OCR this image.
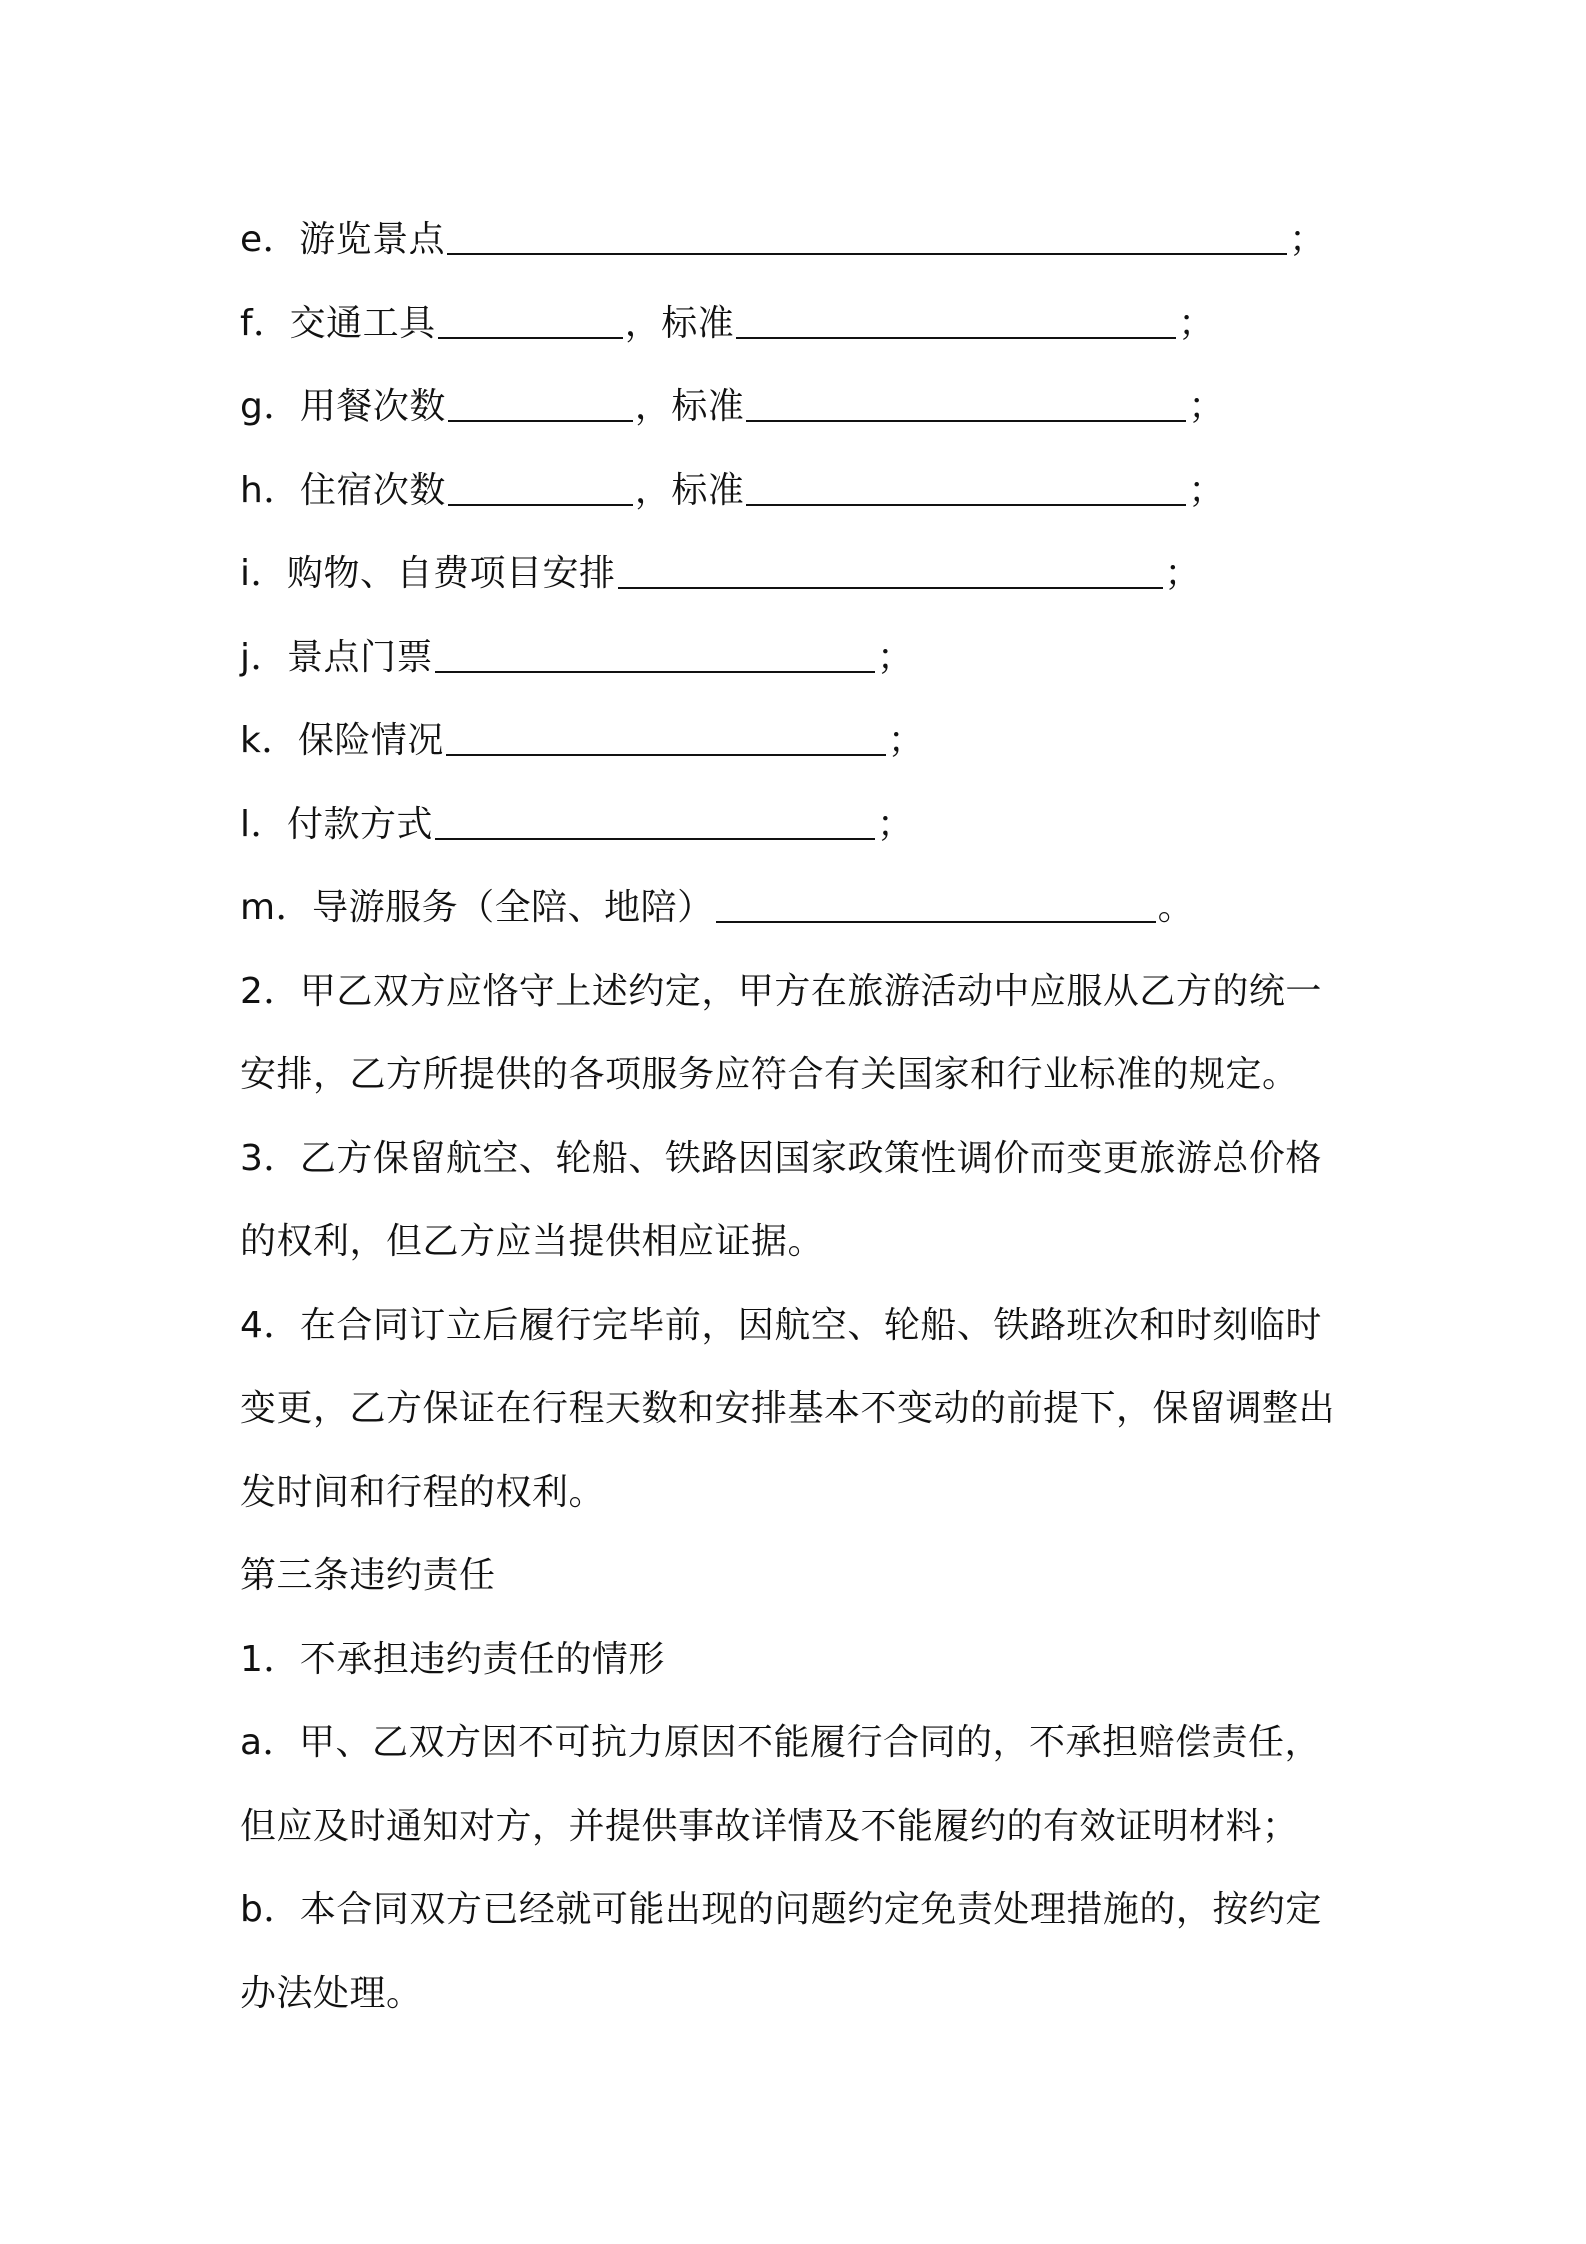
e．游览景点	；
f．交通工具	，标准	；
g．用餐次数	，标准	；
h．住宿次数	，标准	；
i．购物、自费项目安排	；
j．景点门票	；
k．保险情况	；
l．付款方式	；
m．导游服务（全陪、地陪）	。
2．甲乙双方应恪守上述约定，甲方在旅游活动中应服从乙方的统一
安排，乙方所提供的各项服务应符合有关国家和行业标准的规定。
3．乙方保留航空、轮船、铁路因国家政策性调价而变更旅游总价格
的权利，但乙方应当提供相应证据。
4．在合同订立后履行完毕前，因航空、轮船、铁路班次和时刻临时
变更，乙方保证在行程天数和安排基本不变动的前提下，保留调整出
发时间和行程的权利。
第三条违约责任
1．不承担违约责任的情形
a．甲、乙双方因不可抗力原因不能履行合同的，不承担赔偿责任，
但应及时通知对方，并提供事故详情及不能履约的有效证明材料；
b．本合同双方已经就可能出现的问题约定免责处理措施的，按约定
办法处理。
